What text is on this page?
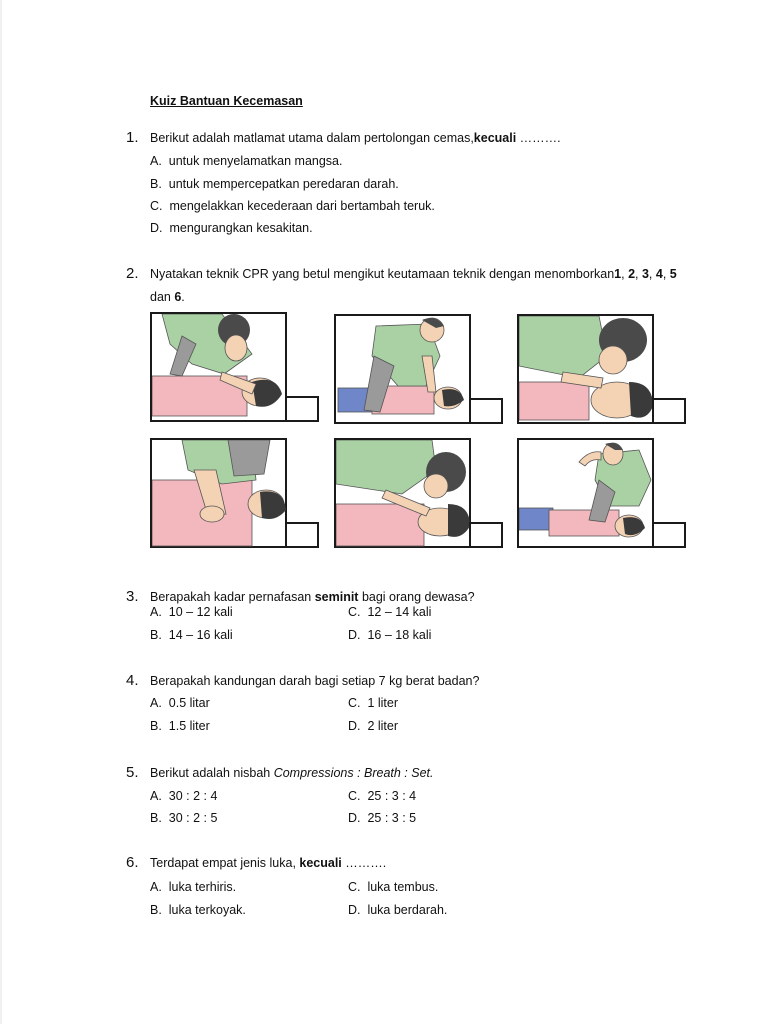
Kuiz Bantuan Kecemasan
1. Berikut adalah matlamat utama dalam pertolongan cemas,kecuali ……….
A. untuk menyelamatkan mangsa.
B. untuk mempercepatkan peredaran darah.
C. mengelakkan kecederaan dari bertambah teruk.
D. mengurangkan kesakitan.
2. Nyatakan teknik CPR yang betul mengikut keutamaan teknik dengan menomborkan1, 2, 3, 4, 5
dan 6.
3. Berapakah kadar pernafasan seminit bagi orang dewasa?
A. 10 – 12 kali	C. 12 – 14 kali
B. 14 – 16 kali	D. 16 – 18 kali
4. Berapakah kandungan darah bagi setiap 7 kg berat badan?
A. 0.5 litar	C. 1 liter
B. 1.5 liter	D. 2 liter
5. Berikut adalah nisbah Compressions : Breath : Set.
A. 30 : 2 : 4	C. 25 : 3 : 4
B. 30 : 2 : 5	D. 25 : 3 : 5
6. Terdapat empat jenis luka, kecuali ……….
A. luka terhiris.	C. luka tembus.
B. luka terkoyak.	D. luka berdarah.
